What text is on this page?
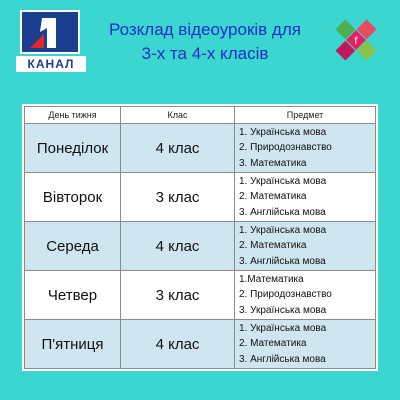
КАНАЛ
Розклад відеоуроків для
3-х та 4-х класів
f
День тижня	Клас	Предмет
Понеділок	4 клас	1. Українська мова
2. Природознавство
3. Математика

Вівторок	3 клас	1. Українська мова
2. Математика
3. Англійська мова

Середа	4 клас	1. Українська мова
2. Математика
3. Англійська мова

Четвер	3 клас	1.Математика
2. Природознавство
3. Українська мова

П'ятниця	4 клас	1. Українська мова
2. Математика
3. Англійська мова
